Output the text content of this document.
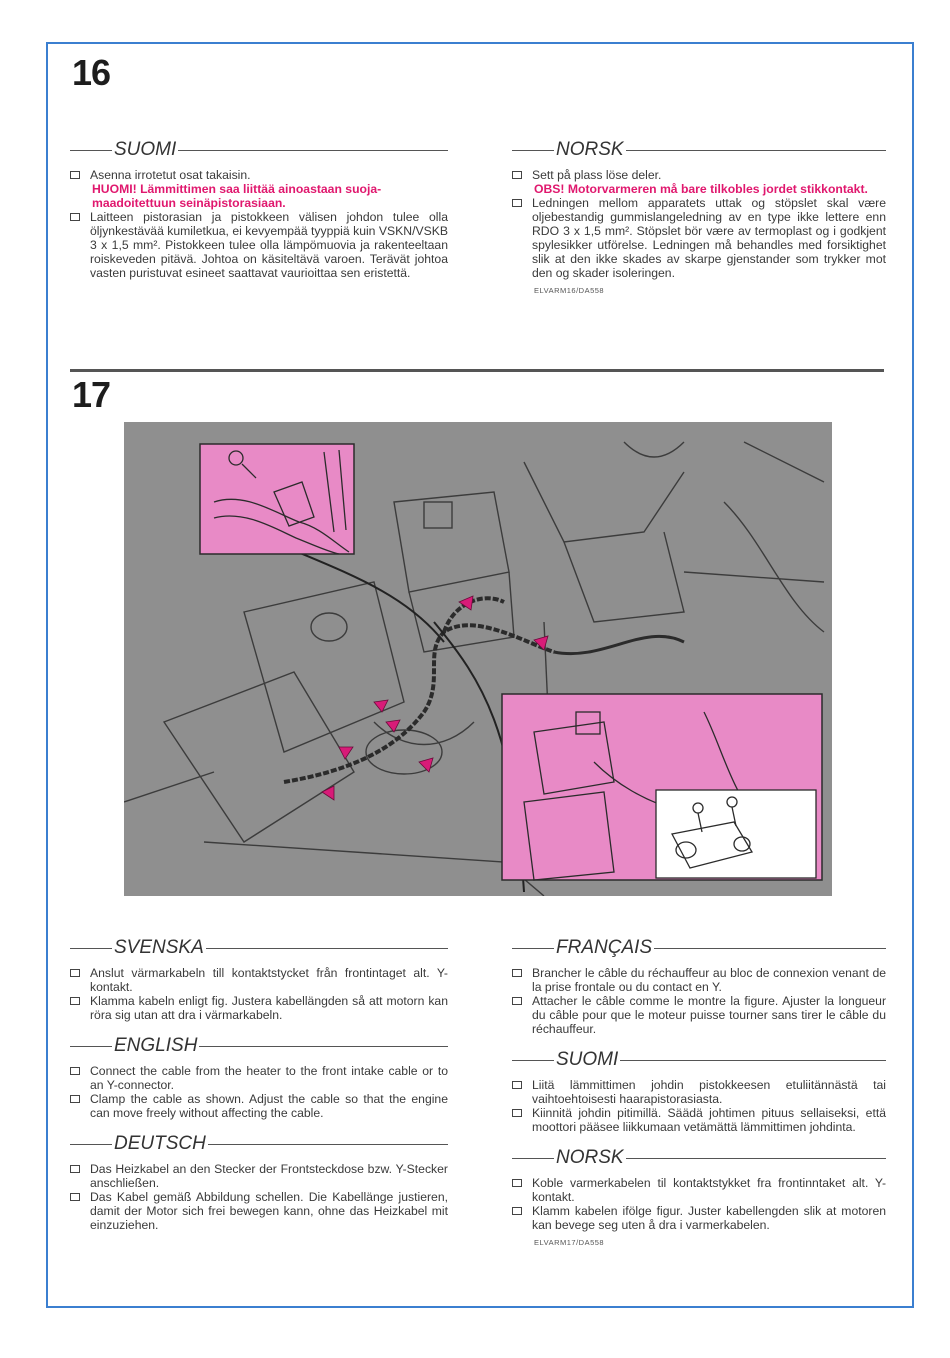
16
SUOMI
Asenna irrotetut osat takaisin.
HUOMI! Lämmittimen saa liittää ainoastaan suoja-maadoitettuun seinäpistorasiaan.
Laitteen pistorasian ja pistokkeen välisen johdon tulee olla öljynkestävää kumiletkua, ei kevyempää tyyppiä kuin VSKN/VSKB 3 x 1,5 mm². Pistokkeen tulee olla lämpömuovia ja rakenteeltaan roiskeveden pitävä. Johtoa on käsiteltävä varoen. Terävät johtoa vasten puristuvat esineet saattavat vaurioittaa sen eristettä.
NORSK
Sett på plass löse deler.
OBS! Motorvarmeren må bare tilkobles jordet stikkontakt.
Ledningen mellom apparatets uttak og stöpslet skal være oljebestandig gummislangeledning av en type ikke lettere enn RDO 3 x 1,5 mm². Stöpslet bör være av termoplast og i godkjent spylesikker utförelse. Ledningen må behandles med forsiktighet slik at den ikke skades av skarpe gjenstander som trykker mot den og skader isoleringen.
ELVARM16/DA558
17
SVENSKA
Anslut värmarkabeln till kontaktstycket från frontintaget alt. Y-kontakt.
Klamma kabeln enligt fig. Justera kabellängden så att motorn kan röra sig utan att dra i värmarkabeln.
ENGLISH
Connect the cable from the heater to the front intake cable or to an Y-connector.
Clamp the cable as shown. Adjust the cable so that the engine can move freely without affecting the cable.
DEUTSCH
Das Heizkabel an den Stecker der Frontsteckdose bzw. Y-Stecker anschließen.
Das Kabel gemäß Abbildung schellen. Die Kabellänge justieren, damit der Motor sich frei bewegen kann, ohne das Heizkabel mit einzuziehen.
FRANÇAIS
Brancher le câble du réchauffeur au bloc de connexion venant de la prise frontale ou du contact en Y.
Attacher le câble comme le montre la figure. Ajuster la longueur du câble pour que le moteur puisse tourner sans tirer le câble du réchauffeur.
SUOMI
Liitä lämmittimen johdin pistokkeesen etuliitännästä tai vaihtoehtoisesti haarapistorasiasta.
Kiinnitä johdin pitimillä. Säädä johtimen pituus sellaiseksi, että moottori pääsee liikkumaan vetämättä lämmittimen johdinta.
NORSK
Koble varmerkabelen til kontaktstykket fra frontinntaket alt. Y-kontakt.
Klamm kabelen ifölge figur. Juster kabellengden slik at motoren kan bevege seg uten å dra i varmerkabelen.
ELVARM17/DA558
